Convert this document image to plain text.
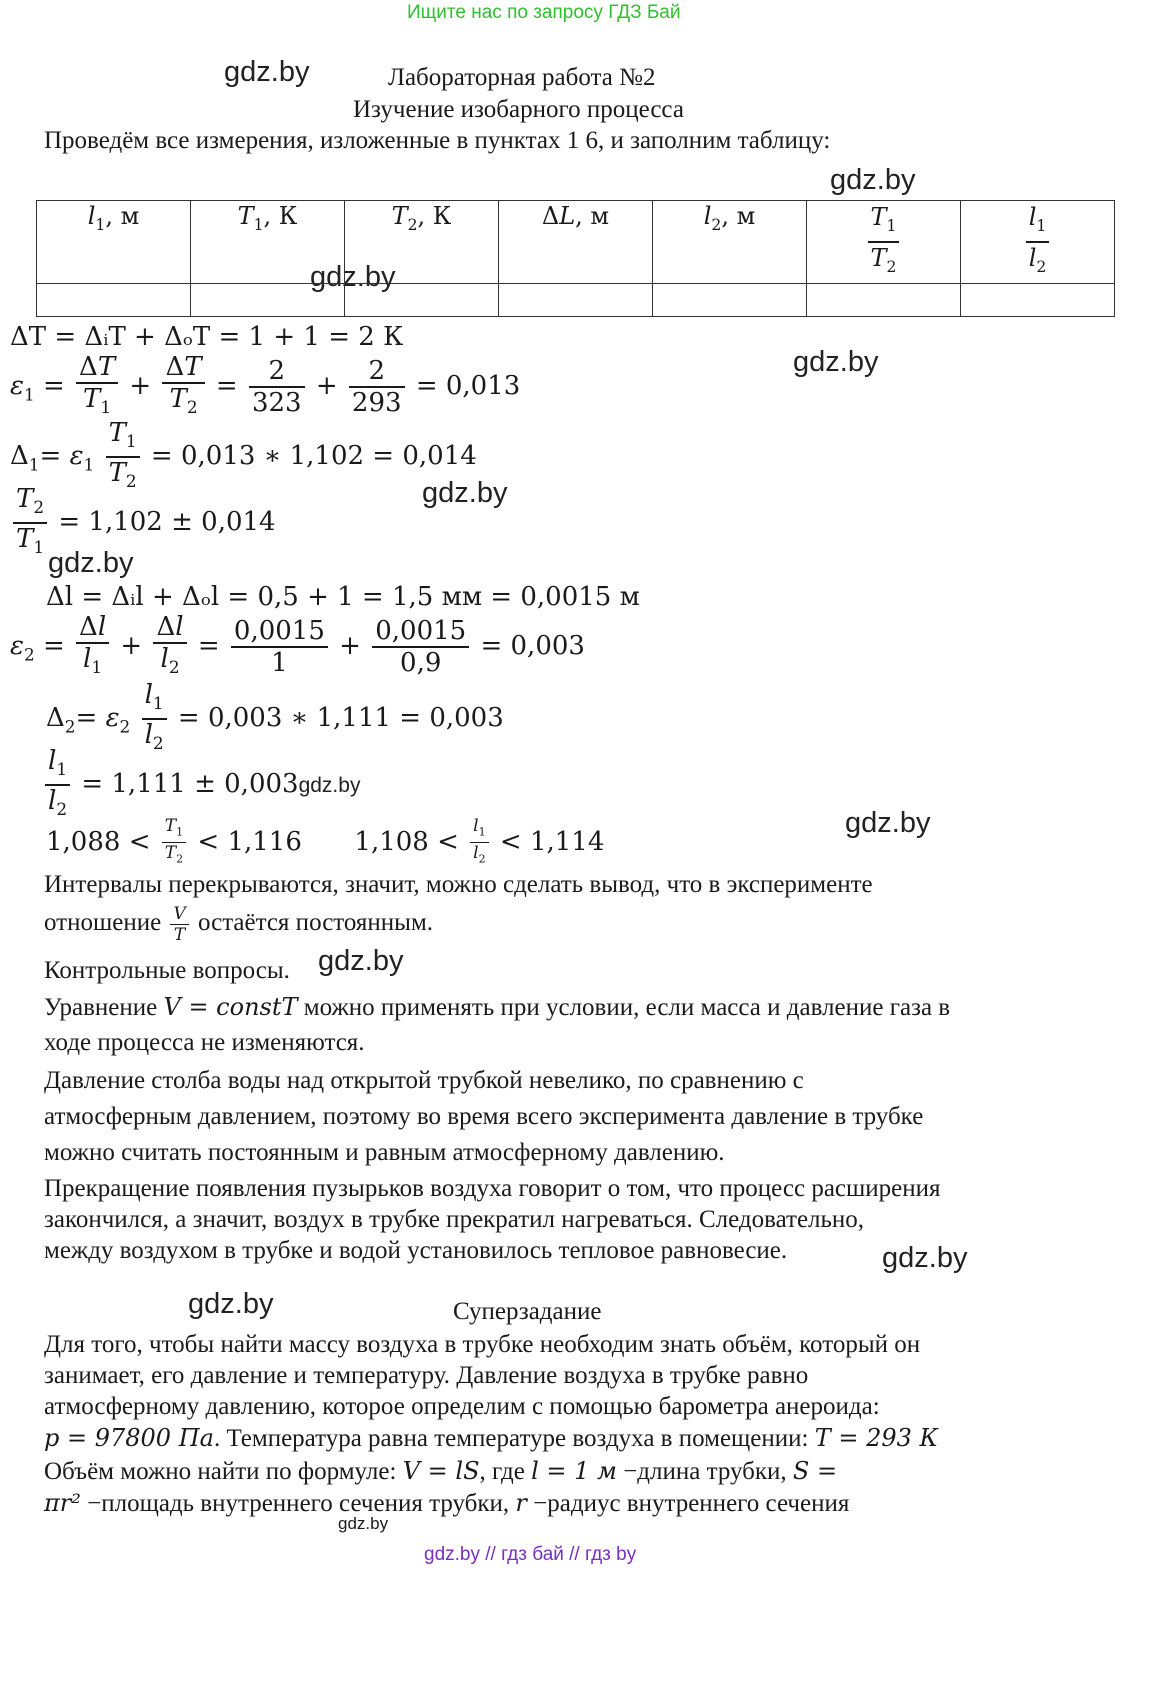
Ищите нас по запросу ГДЗ Бай
gdz.by
gdz.by
gdz.by
gdz.by
gdz.by
gdz.by
gdz.by
gdz.by
gdz.by
gdz.by
Лабораторная работа №2
Изучение изобарного процесса
Проведём все измерения, изложенные в пунктах 1 6, и заполним таблицу:
$l_1$, м	$T_1$, К	$T_2$, К	ΔL, м	$l_2$, м	$\frac{T_1}{T_2}$	$\frac{l_1}{l_2}$

ΔT = ΔᵢT + ΔₒT = 1 + 1 = 2 К
$\varepsilon_1 = \frac{\Delta T}{T_1} + \frac{\Delta T}{T_2} = \frac{2}{323} + \frac{2}{293} = 0,013$
$\Delta_1= \varepsilon_1 \frac{T_1}{T_2} = 0,013$ ∗ 1,102 = 0,014
$\frac{T_2}{T_1} = 1,102 \pm 0,014$
Δl = Δᵢl + Δₒl = 0,5 + 1 = 1,5 мм = 0,0015 м
$\varepsilon_2 = \frac{\Delta l}{l_1} + \frac{\Delta l}{l_2} = \frac{0,0015}{1} + \frac{0,0015}{0,9} = 0,003$
$\Delta_2= \varepsilon_2 \frac{l_1}{l_2} = 0,003$ ∗ 1,111 = 0,003
$\frac{l_1}{l_2} = 1,111 \pm 0,003gdz.by$
$1,088 < \frac{T_1}{T_2} < 1,116$ $1,108 < \frac{l_1}{l_2} < 1,114$
Интервалы перекрываются, значит, можно сделать вывод, что в эксперименте
отношение $\frac{V}{T}$ остаётся постоянным.
Контрольные вопросы.
Уравнение V = constT можно применять при условии, если масса и давление газа в
ходе процесса не изменяются.
Давление столба воды над открытой трубкой невелико, по сравнению с
атмосферным давлением, поэтому во время всего эксперимента давление в трубке
можно считать постоянным и равным атмосферному давлению.
Прекращение появления пузырьков воздуха говорит о том, что процесс расширения
закончился, а значит, воздух в трубке прекратил нагреваться. Следовательно,
между воздухом в трубке и водой установилось тепловое равновесие.
Суперзадание
Для того, чтобы найти массу воздуха в трубке необходим знать объём, который он
занимает, его давление и температуру. Давление воздуха в трубке равно
атмосферному давлению, которое определим с помощью барометра анероида:
p = 97800 Па. Температура равна температуре воздуха в помещении: T = 293 К
Объём можно найти по формуле: V = lS, где l = 1 м −длина трубки, S =
πr² −площадь внутреннего сечения трубки, r −радиус внутреннего сечения
gdz.by
gdz.by // гдз бай // гдз by
